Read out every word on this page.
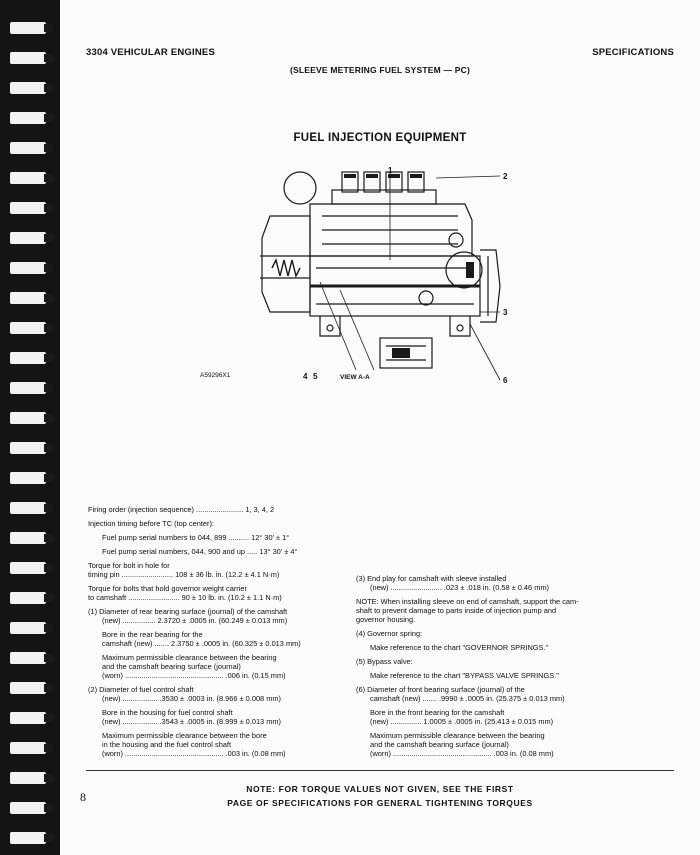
3304 VEHICULAR ENGINES	SPECIFICATIONS
(SLEEVE METERING FUEL SYSTEM — PC)
FUEL INJECTION EQUIPMENT
1
2
3
4 5	6
VIEW A-A
A59296X1
Firing order (injection sequence) ....................... 1, 3, 4, 2
Injection timing before TC (top center):
Fuel pump serial numbers to 044, 899 .......... 12° 30' ± 1°
Fuel pump serial numbers, 044, 900 and up ..... 13° 30' ± 4°
Torque for bolt in hole for
timing pin ......................... 108 ± 36 lb. in. (12.2 ± 4.1 N·m)
Torque for bolts that hold governor weight carrier
to camshaft ......................... 90 ± 10 lb. in. (10.2 ± 1.1 N·m)
(1) Diameter of rear bearing surface (journal) of the camshaft
(new) ................ 2.3720 ± .0005 in. (60.249 ± 0.013 mm)
Bore in the rear bearing for the
camshaft (new) ....... 2.3750 ± .0005 in. (60.325 ± 0.013 mm)
Maximum permissible clearance between the bearing
and the camshaft bearing surface (journal)
(worn) ................................................ .006 in. (0.15 mm)
(2) Diameter of fuel control shaft
(new) ................. .3530 ± .0003 in. (8.966 ± 0.008 mm)
Bore in the housing for fuel control shaft
(new) ................. .3543 ± .0005 in. (8.999 ± 0.013 mm)
Maximum permissible clearance between the bore
in the housing and the fuel control shaft
(worn) ................................................ .003 in. (0.08 mm)
(3) End play for camshaft with sleeve installed
(new) ......................... .023 ± .018 in. (0.58 ± 0.46 mm)
NOTE: When installing sleeve on end of camshaft, support the cam-
shaft to prevent damage to parts inside of injection pump and
governor housing.
(4) Governor spring:
Make reference to the chart "GOVERNOR SPRINGS."
(5) Bypass valve:
Make reference to the chart "BYPASS VALVE SPRINGS."
(6) Diameter of front bearing surface (journal) of the
camshaft (new) ....... .9990 ± .0005 in. (25.375 ± 0.013 mm)
Bore in the front bearing for the camshaft
(new) ............... 1.0005 ± .0005 in. (25.413 ± 0.015 mm)
Maximum permissible clearance between the bearing
and the camshaft bearing surface (journal)
(worn) ................................................ .003 in. (0.08 mm)
8
NOTE: FOR TORQUE VALUES NOT GIVEN, SEE THE FIRST
PAGE OF SPECIFICATIONS FOR GENERAL TIGHTENING TORQUES
